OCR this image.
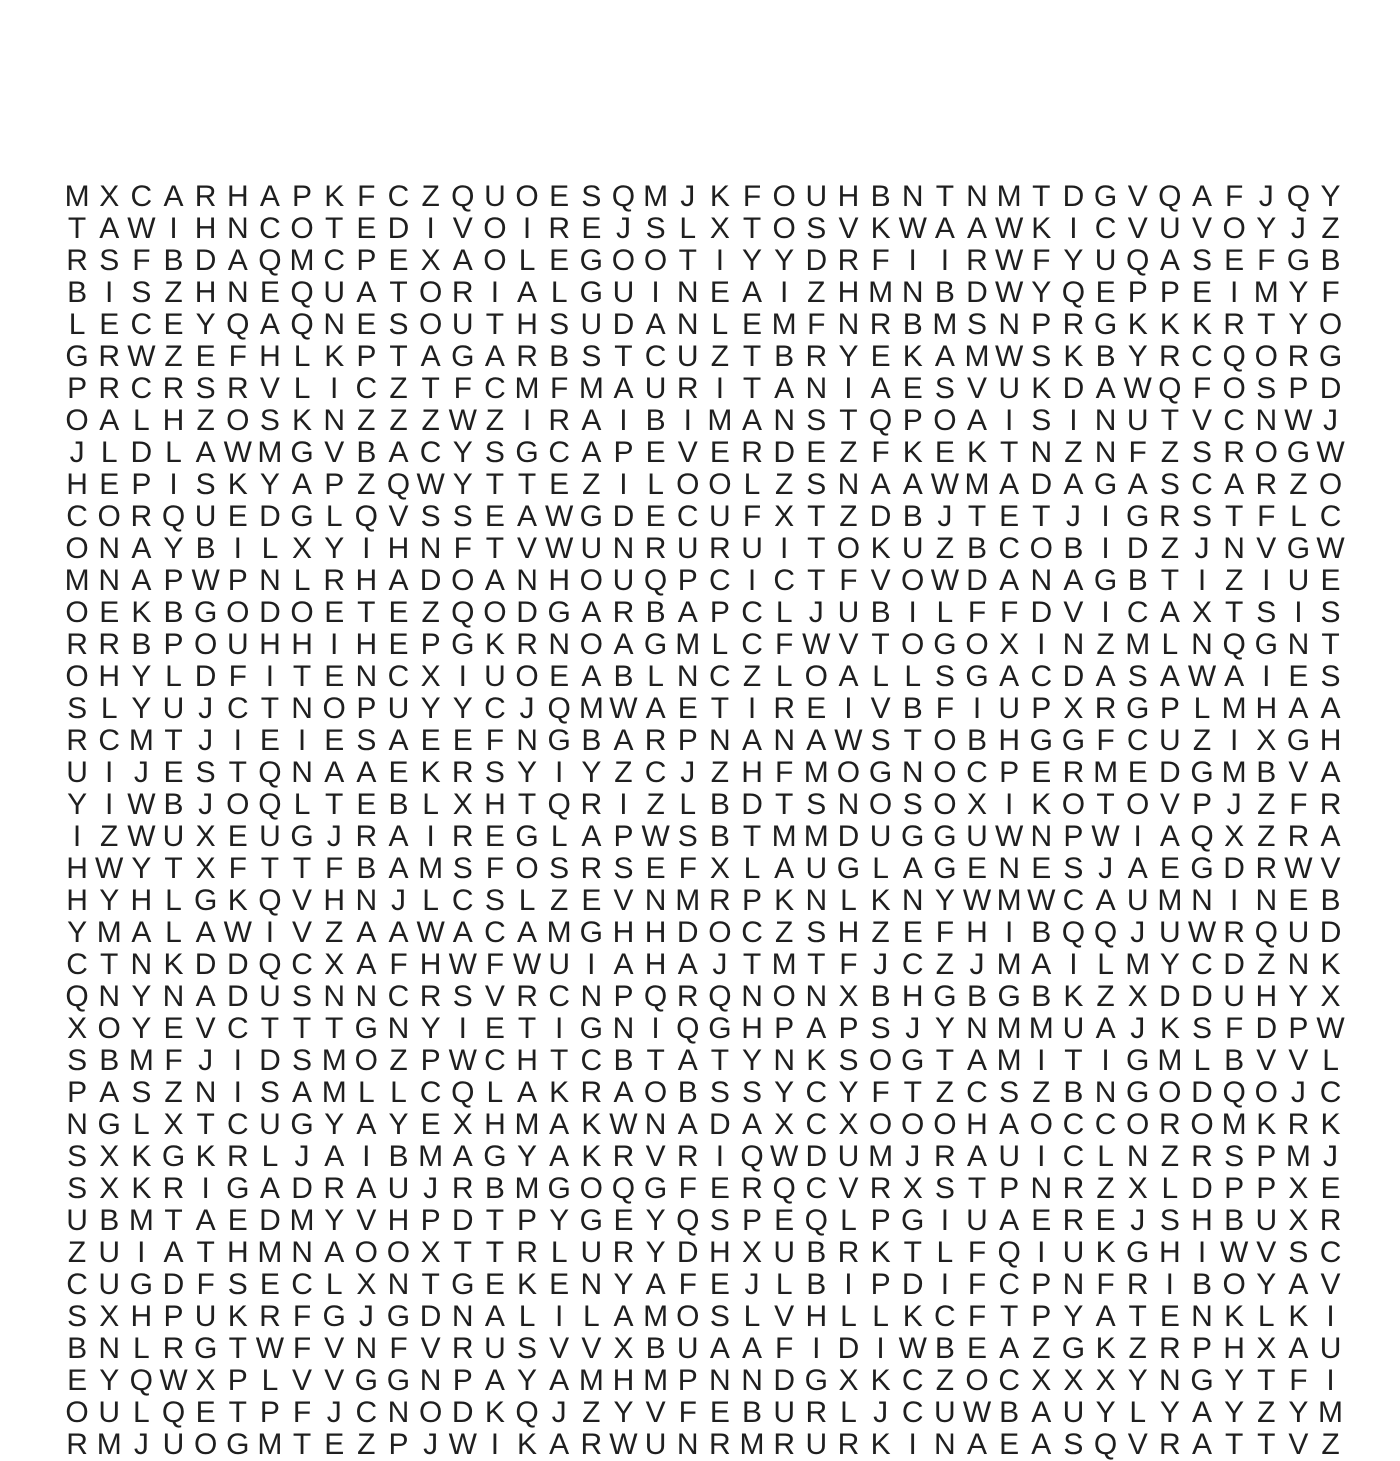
M X C A R H A P K F C Z Q U O E S Q M J K F O U H B N T N M T D G V Q A F J Q Y
T A W I H N C O T E D I V O I R E J S L X T O S V K W A A W K I C V U V O Y J Z
R S F B D A Q M C P E X A O L E G O O T I Y Y D R F I I R W F Y U Q A S E F G B
B I S Z H N E Q U A T O R I A L G U I N E A I Z H M N B D W Y Q E P P E I M Y F
L E C E Y Q A Q N E S O U T H S U D A N L E M F N R B M S N P R G K K K R T Y O
G R W Z E F H L K P T A G A R B S T C U Z T B R Y E K A M W S K B Y R C Q O R G
P R C R S R V L I C Z T F C M F M A U R I T A N I A E S V U K D A W Q F O S P D
O A L H Z O S K N Z Z Z W Z I R A I B I M A N S T Q P O A I S I N U T V C N W J
J L D L A W M G V B A C Y S G C A P E V E R D E Z F K E K T N Z N F Z S R O G W
H E P I S K Y A P Z Q W Y T T E Z I L O O L Z S N A A W M A D A G A S C A R Z O
C O R Q U E D G L Q V S S E A W G D E C U F X T Z D B J T E T J I G R S T F L C
O N A Y B I L X Y I H N F T V W U N R U R U I T O K U Z B C O B I D Z J N V G W
M N A P W P N L R H A D O A N H O U Q P C I C T F V O W D A N A G B T I Z I U E
O E K B G O D O E T E Z Q O D G A R B A P C L J U B I L F F D V I C A X T S I S
R R B P O U H H I H E P G K R N O A G M L C F W V T O G O X I N Z M L N Q G N T
O H Y L D F I T E N C X I U O E A B L N C Z L O A L L S G A C D A S A W A I E S
S L Y U J C T N O P U Y Y C J Q M W A E T I R E I V B F I U P X R G P L M H A A
R C M T J I E I E S A E E F N G B A R P N A N A W S T O B H G G F C U Z I X G H
U I J E S T Q N A A E K R S Y I Y Z C J Z H F M O G N O C P E R M E D G M B V A
Y I W B J O Q L T E B L X H T Q R I Z L B D T S N O S O X I K O T O V P J Z F R
I Z W U X E U G J R A I R E G L A P W S B T M M D U G G U W N P W I A Q X Z R A
H W Y T X F T T F B A M S F O S R S E F X L A U G L A G E N E S J A E G D R W V
H Y H L G K Q V H N J L C S L Z E V N M R P K N L K N Y W M W C A U M N I N E B
Y M A L A W I V Z A A W A C A M G H H D O C Z S H Z E F H I B Q Q J U W R Q U D
C T N K D D Q C X A F H W F W U I A H A J T M T F J C Z J M A I L M Y C D Z N K
Q N Y N A D U S N N C R S V R C N P Q R Q N O N X B H G B G B K Z X D D U H Y X
X O Y E V C T T T G N Y I E T I G N I Q G H P A P S J Y N M M U A J K S F D P W
S B M F J I D S M O Z P W C H T C B T A T Y N K S O G T A M I T I G M L B V V L
P A S Z N I S A M L L C Q L A K R A O B S S Y C Y F T Z C S Z B N G O D Q O J C
N G L X T C U G Y A Y E X H M A K W N A D A X C X O O O H A O C C O R O M K R K
S X K G K R L J A I B M A G Y A K R V R I Q W D U M J R A U I C L N Z R S P M J
S X K R I G A D R A U J R B M G O Q G F E R Q C V R X S T P N R Z X L D P P X E
U B M T A E D M Y V H P D T P Y G E Y Q S P E Q L P G I U A E R E J S H B U X R
Z U I A T H M N A O O X T T R L U R Y D H X U B R K T L F Q I U K G H I W V S C
C U G D F S E C L X N T G E K E N Y A F E J L B I P D I F C P N F R I B O Y A V
S X H P U K R F G J G D N A L I L A M O S L V H L L K C F T P Y A T E N K L K I
B N L R G T W F V N F V R U S V V X B U A A F I D I W B E A Z G K Z R P H X A U
E Y Q W X P L V V G G N P A Y A M H M P N N D G X K C Z O C X X X Y N G Y T F I
O U L Q E T P F J C N O D K Q J Z Y V F E B U R L J C U W B A U Y L Y A Y Z Y M
R M J U O G M T E Z P J W I K A R W U N R M R U R K I N A E A S Q V R A T T V Z
